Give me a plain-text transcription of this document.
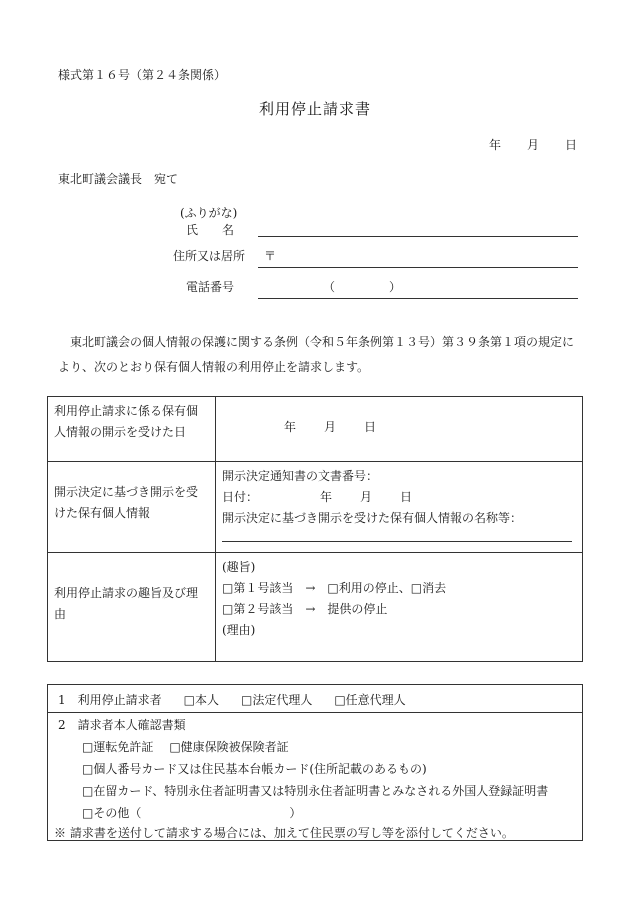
様式第１６号（第２４条関係）
利用停止請求書
年 月 日
東北町議会議長　宛て
(ふりがな)
氏　　名
住所又は居所 〒
電話番号	（	）
東北町議会の個人情報の保護に関する条例（令和５年条例第１３号）第３９条第１項の規定に
より、次のとおり保有個人情報の利用停止を請求します。
利用停止請求に係る保有個人情報の開示を受けた日	年 月 日

開示決定に基づき開示を受けた保有個人情報	開示決定通知書の文書番号：
日付： 年 月 日
開示決定に基づき開示を受けた保有個人情報の名称等：

利用停止請求の趣旨及び理由	(趣旨)
□第１号該当　→　□利用の停止、□消去
□第２号該当　→　提供の停止
(理由)
1 利用停止請求者 □本人 □法定代理人 □任意代理人
2 請求者本人確認書類
□運転免許証 □健康保険被保険者証
□個人番号カード又は住民基本台帳カード(住所記載のあるもの)
□在留カード、特別永住者証明書又は特別永住者証明書とみなされる外国人登録証明書
□その他（	）
※ 請求書を送付して請求する場合には、加えて住民票の写し等を添付してください。
